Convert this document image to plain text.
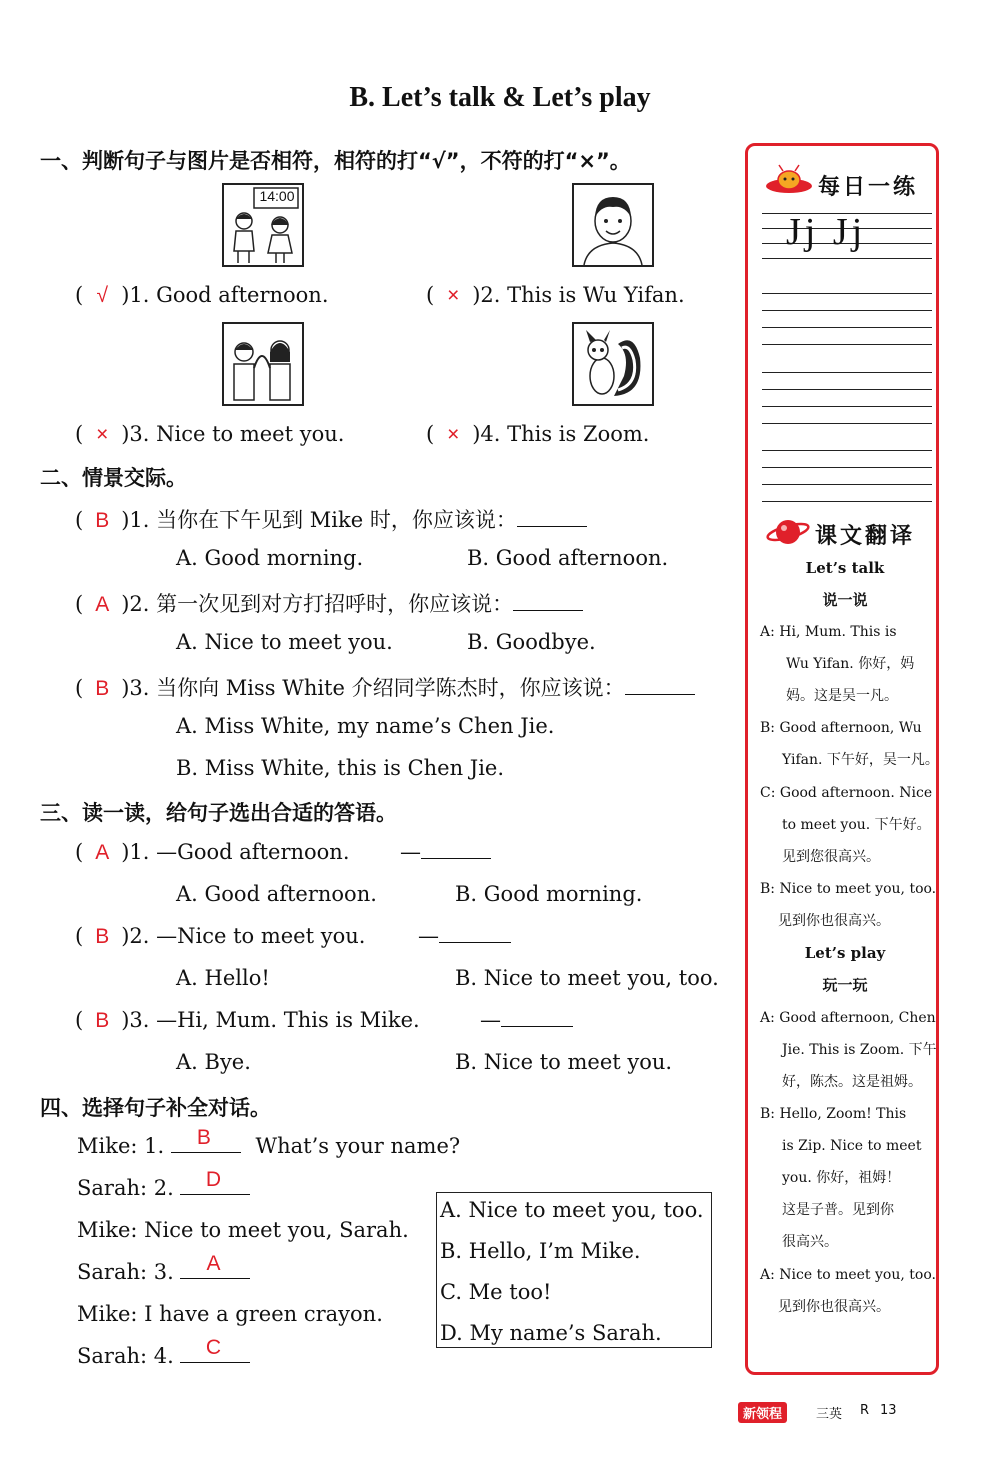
B. Let’s talk & Let’s play
一、判断句子与图片是否相符，相符的打“√”，不符的打“×”。
14:00
( √ )1. Good afternoon.	( × )2. This is Wu Yifan.
( × )3. Nice to meet you.	( × )4. This is Zoom.
二、情景交际。
( B )1. 当你在下午见到 Mike 时，你应该说：
A. Good morning.	B. Good afternoon.
( A )2. 第一次见到对方打招呼时，你应该说：
A. Nice to meet you.	B. Goodbye.
( B )3. 当你向 Miss White 介绍同学陈杰时，你应该说：
A. Miss White, my name’s Chen Jie.
B. Miss White, this is Chen Jie.
三、读一读，给句子选出合适的答语。
( A )1. —Good afternoon. —
A. Good afternoon.	B. Good morning.
( B )2. —Nice to meet you.	—
A. Hello!	B. Nice to meet you, too.
( B )3. —Hi, Mum. This is Mike.	—
A. Bye.	B. Nice to meet you.
四、选择句子补全对话。
Mike: 1.	B	What’s your name?
Sarah: 2.	D
Mike: Nice to meet you, Sarah.
Sarah: 3.	A
Mike: I have a green crayon.
Sarah: 4.	C
A. Nice to meet you, too.
B. Hello, I’m Mike.
C. Me too!
D. My name’s Sarah.
每日一练
Jj Jj
课文翻译
Let’s talk
说一说
A: Hi, Mum. This is
Wu Yifan. 你好，妈
妈。这是吴一凡。
B: Good afternoon, Wu
Yifan. 下午好，吴一凡。
C: Good afternoon. Nice
to meet you. 下午好。
见到您很高兴。
B: Nice to meet you, too.
见到你也很高兴。
Let’s play
玩一玩
A: Good afternoon, Chen
Jie. This is Zoom. 下午
好，陈杰。这是祖姆。
B: Hello, Zoom! This
is Zip. Nice to meet
you. 你好，祖姆！
这是子普。见到你
很高兴。
A: Nice to meet you, too.
见到你也很高兴。
新领程	三英 R 13
